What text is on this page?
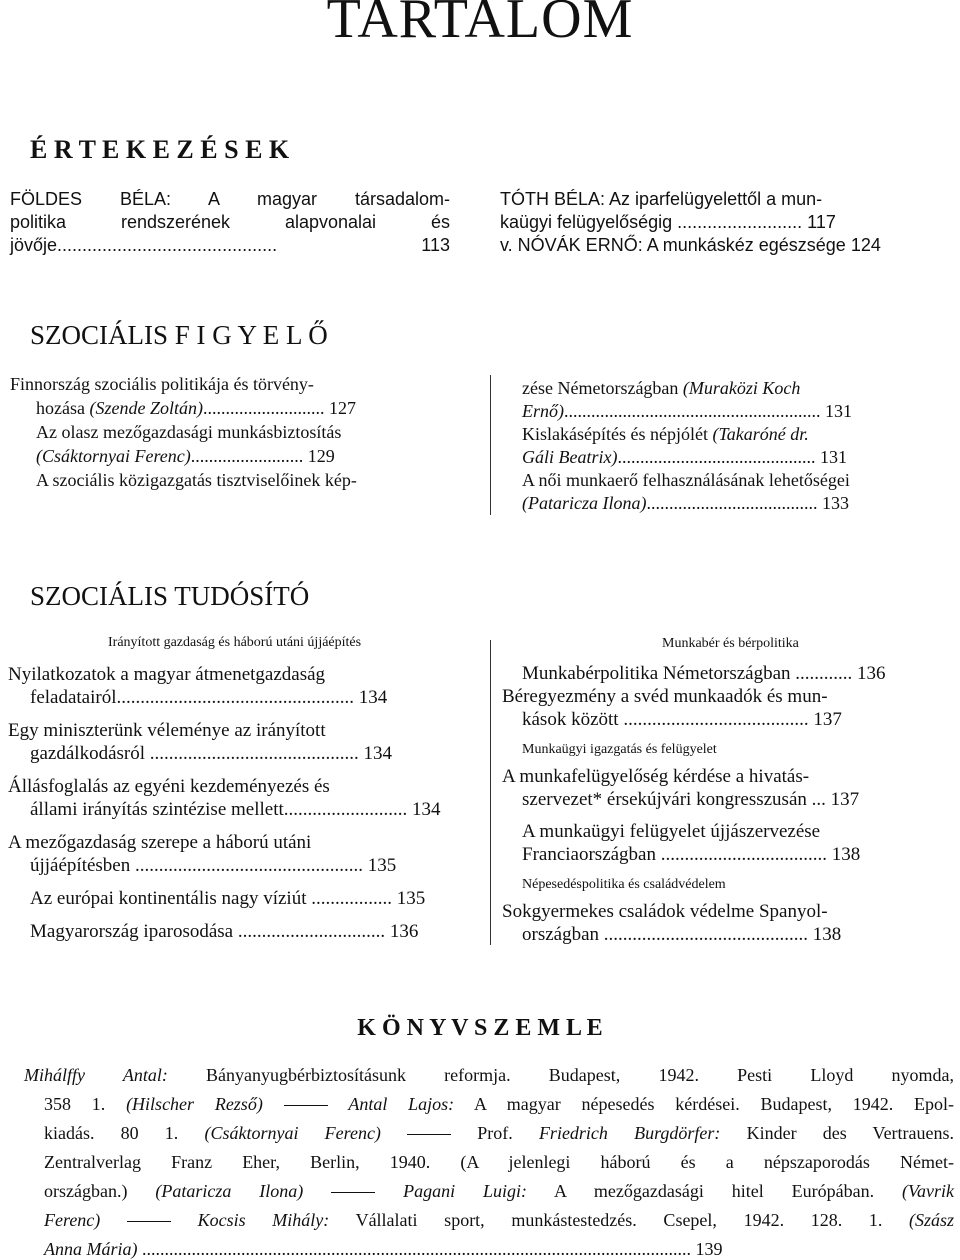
TARTALOM
É R T E K E Z É S E K
FÖLDES BÉLA: A magyar társadalom-
politika rendszerének alapvonalai és
jövője............................................ 113
TÓTH BÉLA: Az iparfelügyelettől a mun-
kaügyi felügyelőségig ......................... 117
v. NÓVÁK ERNŐ: A munkáskéz egészsége 124
SZOCIÁLIS F I G Y E L Ő
Finnország szociális politikája és törvény-
hozása (Szende Zoltán)........................... 127
Az olasz mezőgazdasági munkásbiztosítás
(Csáktornyai Ferenc)......................... 129
A szociális közigazgatás tisztviselőinek kép-
zése Németországban (Muraközi Koch
Ernő)......................................................... 131
Kislakásépítés és népjólét (Takaróné dr.
Gáli Beatrix)............................................ 131
A női munkaerő felhasználásának lehetőségei
(Pataricza Ilona)...................................... 133
SZOCIÁLIS TUDÓSÍTÓ
Irányított gazdaság és háború utáni újjáépítés
Nyilatkozatok a magyar átmenetgazdaság
feladatairól.................................................. 134
Egy miniszterünk véleménye az irányított
gazdálkodásról ............................................ 134
Állásfoglalás az egyéni kezdeményezés és
állami irányítás szintézise mellett.......................... 134
A mezőgazdaság szerepe a háború utáni
újjáépítésben ................................................ 135
Az európai kontinentális nagy víziút ................. 135
Magyarország iparosodása ............................... 136
Munkabér és bérpolitika
Munkabérpolitika Németországban ............ 136
Béregyezmény a svéd munkaadók és mun-
kások között ....................................... 137
Munkaügyi igazgatás és felügyelet
A munkafelügyelőség kérdése a hivatás-
szervezet* érsekújvári kongresszusán ... 137
A munkaügyi felügyelet újjászervezése
Franciaországban ................................... 138
Népesedéspolitika és családvédelem
Sokgyermekes családok védelme Spanyol-
országban ........................................... 138
K Ö N Y V S Z E M L E
Mihálffy Antal: Bányanyugbérbiztosításunk reformja. Budapest, 1942. Pesti Lloyd nyomda,
358 1. (Hilscher Rezső)	Antal Lajos: A magyar népesedés kérdései. Budapest, 1942. Epol-
kiadás. 80 1. (Csáktornyai Ferenc)	Prof. Friedrich Burgdörfer: Kinder des Vertrauens.
Zentralverlag Franz Eher, Berlin, 1940. (A jelenlegi háború és a népszaporodás Német-
országban.) (Pataricza Ilona)	Pagani Luigi: A mezőgazdasági hitel Európában. (Vavrik
Ferenc)	Kocsis Mihály: Vállalati sport, munkástestedzés. Csepel, 1942. 128. 1. (Szász
Anna Mária) .......................................................................................................................... 139
